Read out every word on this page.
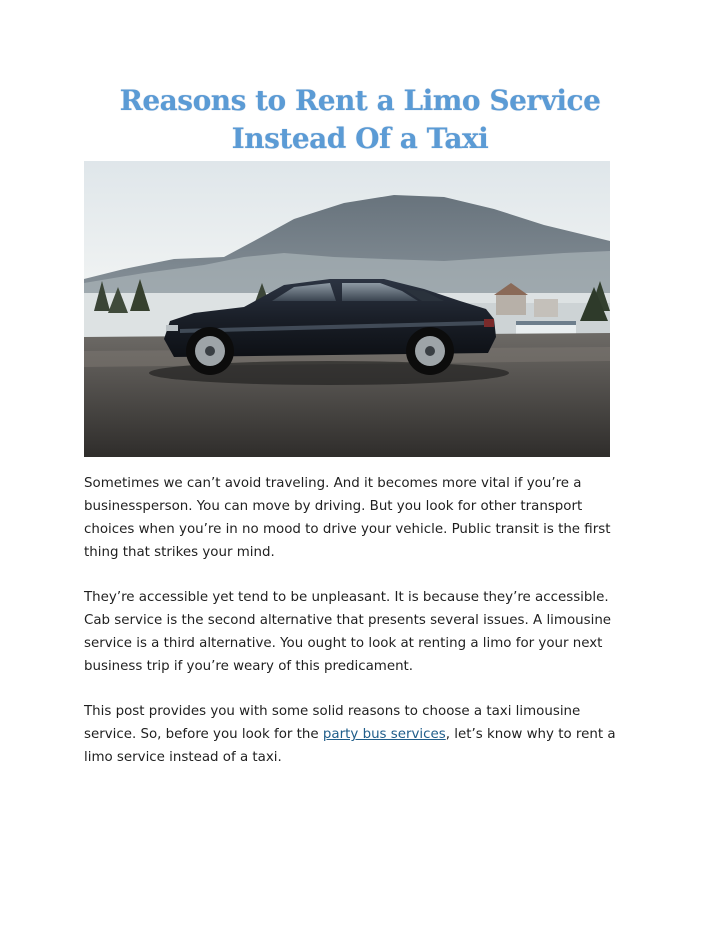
Reasons to Rent a Limo Service
Instead Of a Taxi

Sometimes we can’t avoid traveling. And it becomes more vital if you’re a
businessperson. You can move by driving. But you look for other transport
choices when you’re in no mood to drive your vehicle. Public transit is the first
thing that strikes your mind.

They’re accessible yet tend to be unpleasant. It is because they’re accessible.
Cab service is the second alternative that presents several issues. A limousine
service is a third alternative. You ought to look at renting a limo for your next
business trip if you’re weary of this predicament.

This post provides you with some solid reasons to choose a taxi limousine
service. So, before you look for the party bus services, let’s know why to rent a
limo service instead of a taxi.
